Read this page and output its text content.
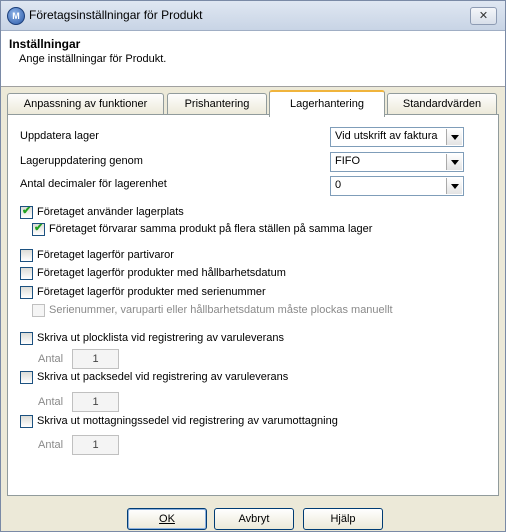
M Företagsinställningar för Produkt	✕
Inställningar
Ange inställningar för Produkt.
Anpassning av funktioner	Prishantering	Lagerhantering	Standardvärden
Uppdatera lager	Vid utskrift av faktura
Lageruppdatering genom	FIFO
Antal decimaler för lagerenhet	0
✔ Företaget använder lagerplats
✔ Företaget förvarar samma produkt på flera ställen på samma lager
Företaget lagerför partivaror
Företaget lagerför produkter med hållbarhetsdatum
Företaget lagerför produkter med serienummer
Serienummer, varuparti eller hållbarhetsdatum måste plockas manuellt
Skriva ut plocklista vid registrering av varuleverans
Antal	1
Skriva ut packsedel vid registrering av varuleverans
Antal	1
Skriva ut mottagningssedel vid registrering av varumottagning
Antal	1
OK	Avbryt	Hjälp
